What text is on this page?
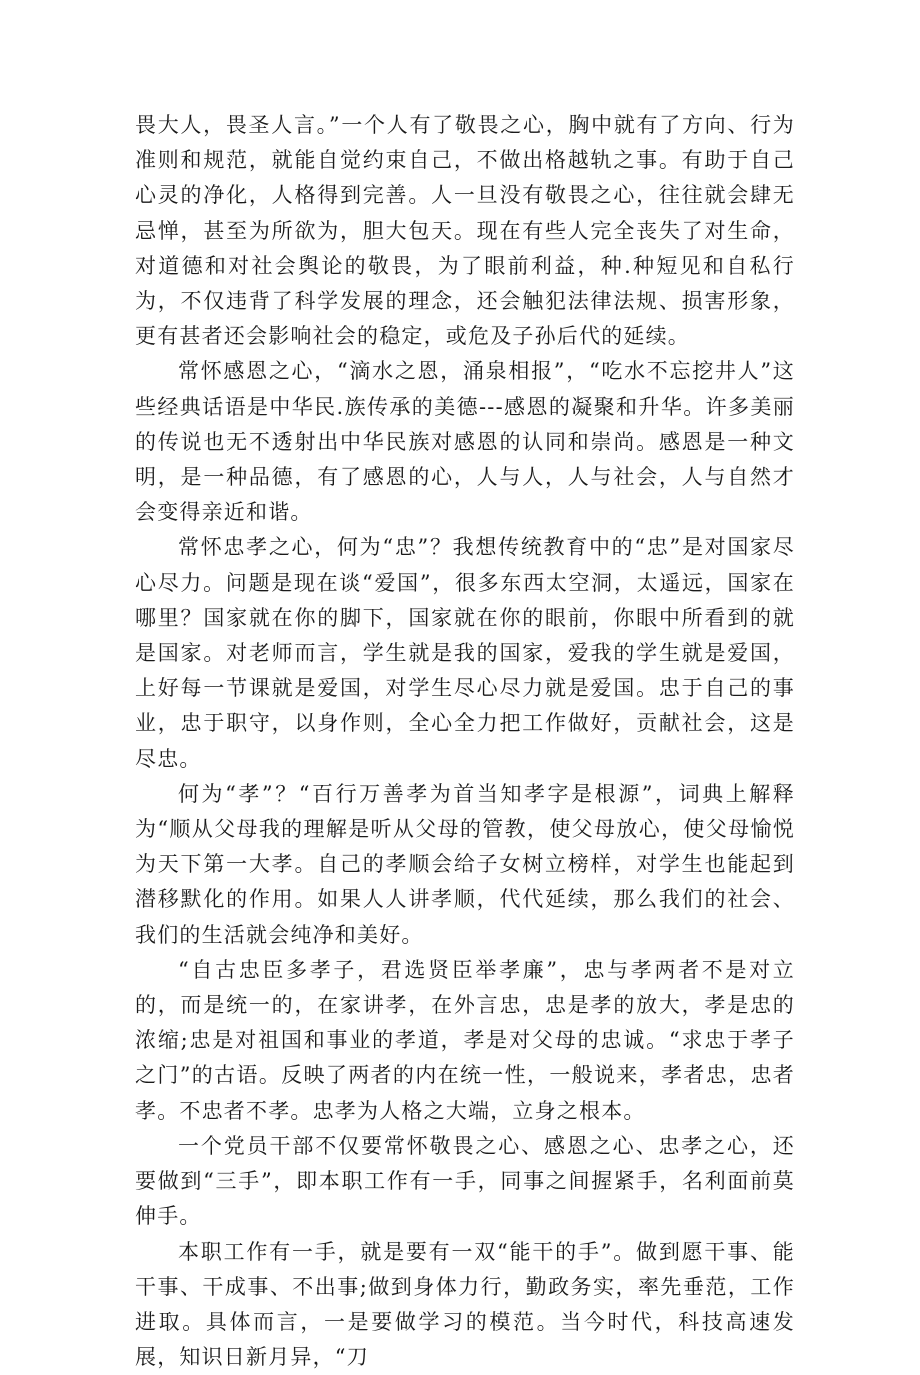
畏大人，畏圣人言。”一个人有了敬畏之心，胸中就有了方向、行为准则和规范，就能自觉约束自己，不做出格越轨之事。有助于自己心灵的净化，人格得到完善。人一旦没有敬畏之心，往往就会肆无忌惮，甚至为所欲为，胆大包天。现在有些人完全丧失了对生命，对道德和对社会舆论的敬畏，为了眼前利益，种.种短见和自私行为，不仅违背了科学发展的理念，还会触犯法律法规、损害形象，更有甚者还会影响社会的稳定，或危及子孙后代的延续。

常怀感恩之心，“滴水之恩，涌泉相报”，“吃水不忘挖井人”这些经典话语是中华民.族传承的美德---感恩的凝聚和升华。许多美丽的传说也无不透射出中华民族对感恩的认同和崇尚。感恩是一种文明，是一种品德，有了感恩的心，人与人，人与社会，人与自然才会变得亲近和谐。

常怀忠孝之心，何为“忠”？我想传统教育中的“忠”是对国家尽心尽力。问题是现在谈“爱国”，很多东西太空洞，太遥远，国家在哪里？国家就在你的脚下，国家就在你的眼前，你眼中所看到的就是国家。对老师而言，学生就是我的国家，爱我的学生就是爱国，上好每一节课就是爱国，对学生尽心尽力就是爱国。忠于自己的事业，忠于职守，以身作则，全心全力把工作做好，贡献社会，这是尽忠。

何为“孝”？“百行万善孝为首当知孝字是根源”，词典上解释为“顺从父母我的理解是听从父母的管教，使父母放心，使父母愉悦为天下第一大孝。自己的孝顺会给子女树立榜样，对学生也能起到潜移默化的作用。如果人人讲孝顺，代代延续，那么我们的社会、我们的生活就会纯净和美好。

“自古忠臣多孝子，君选贤臣举孝廉”，忠与孝两者不是对立的，而是统一的，在家讲孝，在外言忠，忠是孝的放大，孝是忠的浓缩;忠是对祖国和事业的孝道，孝是对父母的忠诚。“求忠于孝子之门”的古语。反映了两者的内在统一性，一般说来，孝者忠，忠者孝。不忠者不孝。忠孝为人格之大端，立身之根本。

一个党员干部不仅要常怀敬畏之心、感恩之心、忠孝之心，还要做到“三手”，即本职工作有一手，同事之间握紧手，名利面前莫伸手。

本职工作有一手，就是要有一双“能干的手”。做到愿干事、能干事、干成事、不出事;做到身体力行，勤政务实，率先垂范，工作进取。具体而言，一是要做学习的模范。当今时代，科技高速发展，知识日新月异，“刀
